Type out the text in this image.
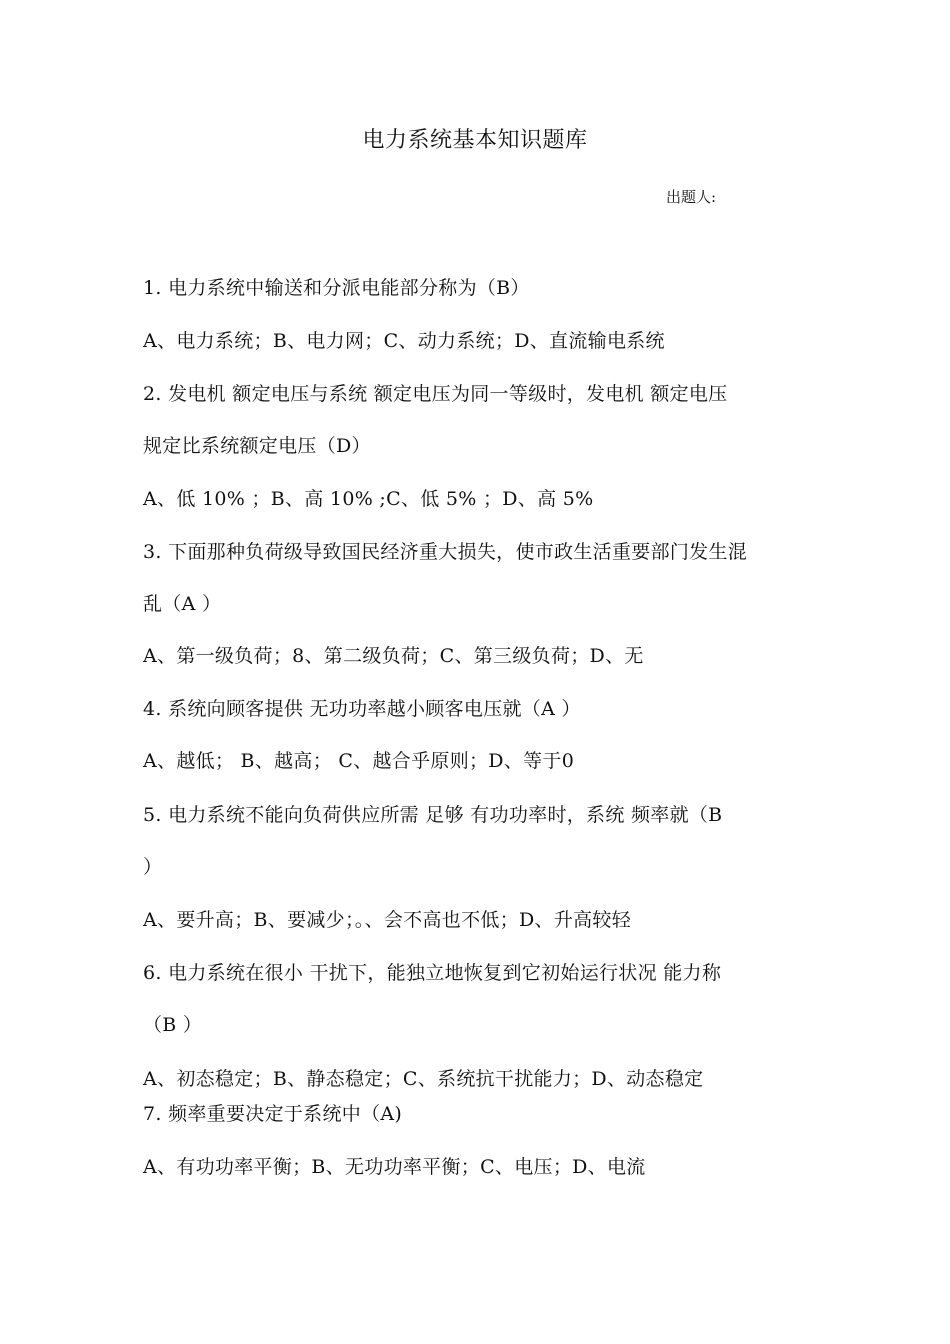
电力系统基本知识题库
出题人:
1. 电力系统中输送和分派电能部分称为（B）
A、电力系统；B、电力网；C、动力系统；D、直流输电系统
2. 发电机 额定电压与系统 额定电压为同一等级时，发电机 额定电压
规定比系统额定电压（D）
A、低 10% ；B、高 10% ;C、低 5% ；D、高 5%
3. 下面那种负荷级导致国民经济重大损失，使市政生活重要部门发生混
乱（A ）
A、第一级负荷；8、第二级负荷；C、第三级负荷；D、无
4. 系统向顾客提供 无功功率越小顾客电压就（A ）
A、越低； B、越高； C、越合乎原则；D、等于0
5. 电力系统不能向负荷供应所需 足够 有功功率时，系统 频率就（B
）
A、要升高；B、要减少；。、会不高也不低；D、升高较轻
6. 电力系统在很小 干扰下，能独立地恢复到它初始运行状况 能力称
（B ）
A、初态稳定；B、静态稳定；C、系统抗干扰能力；D、动态稳定
7. 频率重要决定于系统中（A)
A、有功功率平衡；B、无功功率平衡；C、电压；D、电流
